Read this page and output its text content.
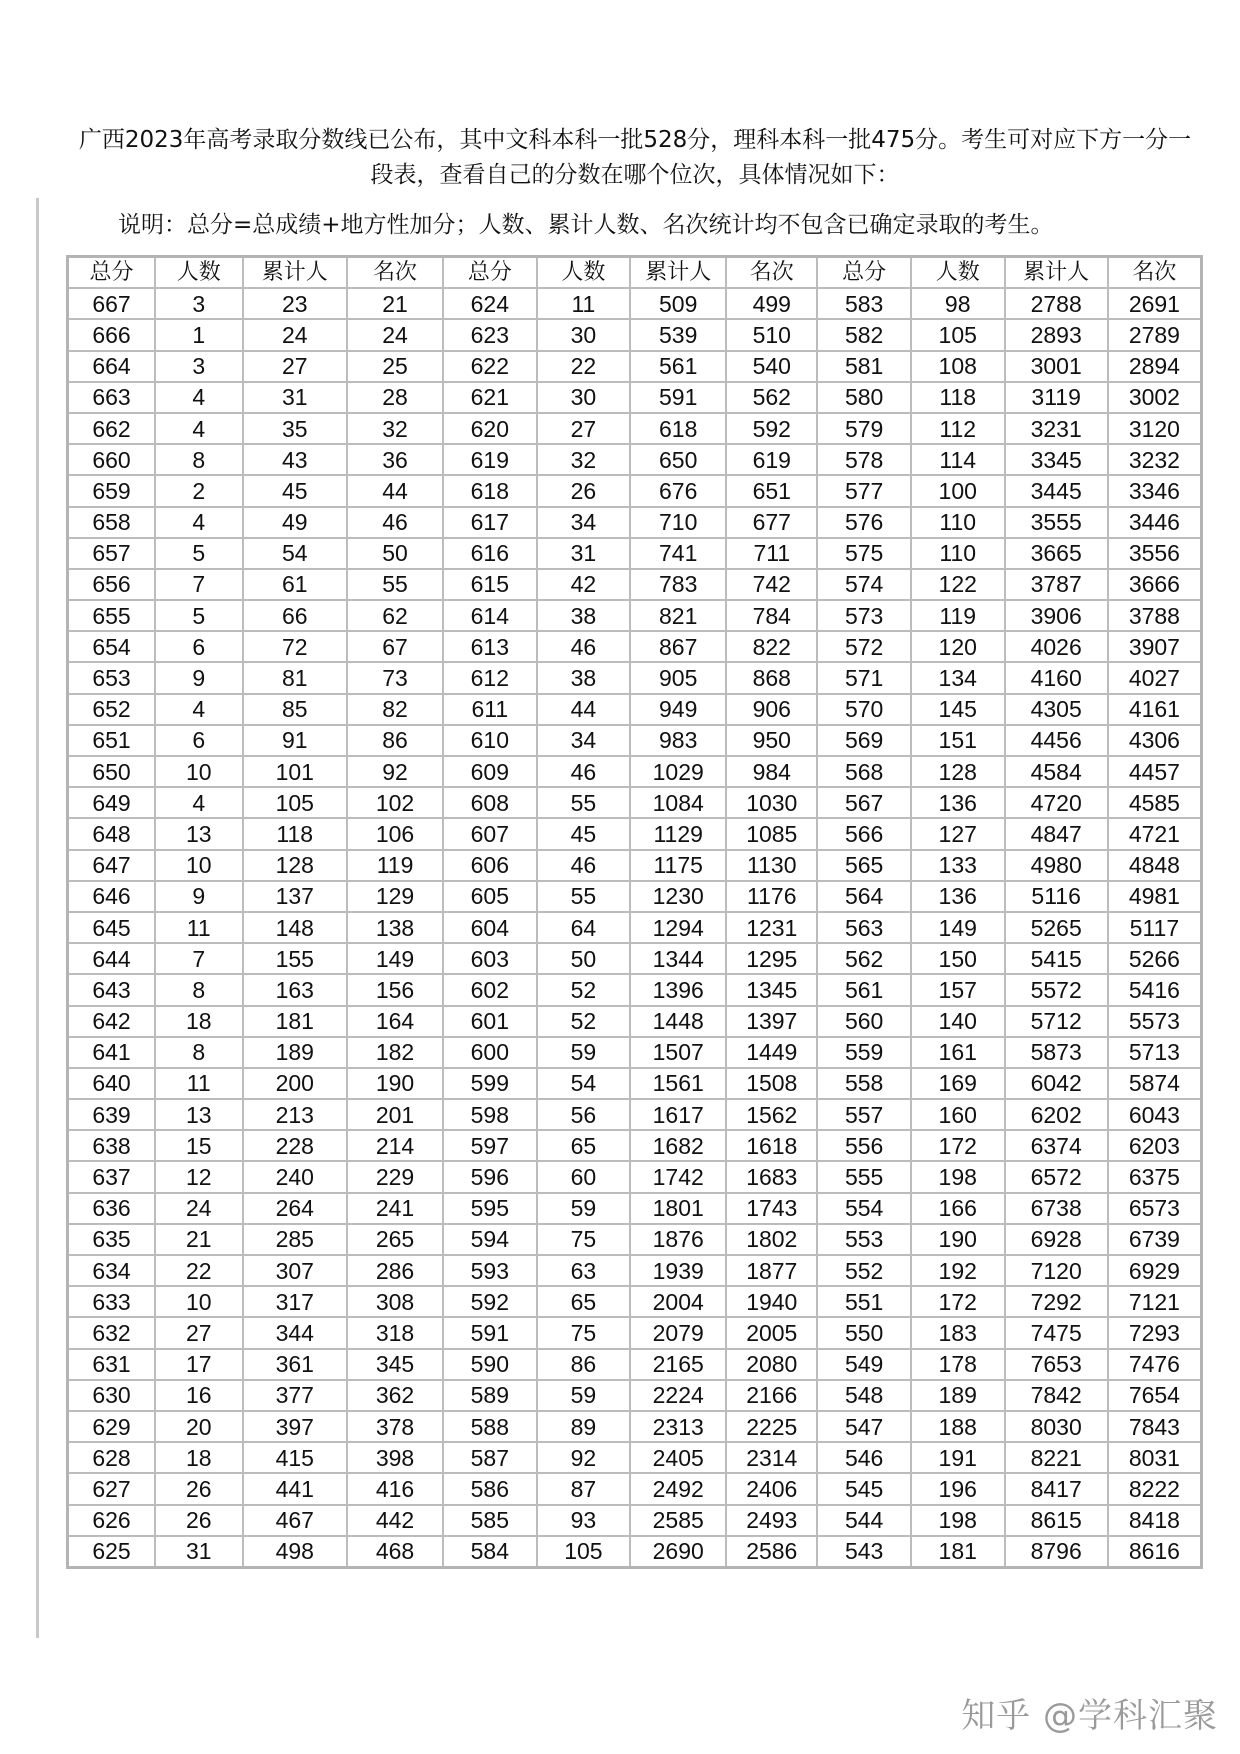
广西2023年高考录取分数线已公布，其中文科本科一批528分，理科本科一批475分。考生可对应下方一分一段表，查看自己的分数在哪个位次，具体情况如下：
说明：总分=总成绩+地方性加分；人数、累计人数、名次统计均不包含已确定录取的考生。
总分	人数	累计人	名次	总分	人数	累计人	名次	总分	人数	累计人	名次
667	3	23	21	624	11	509	499	583	98	2788	2691
666	1	24	24	623	30	539	510	582	105	2893	2789
664	3	27	25	622	22	561	540	581	108	3001	2894
663	4	31	28	621	30	591	562	580	118	3119	3002
662	4	35	32	620	27	618	592	579	112	3231	3120
660	8	43	36	619	32	650	619	578	114	3345	3232
659	2	45	44	618	26	676	651	577	100	3445	3346
658	4	49	46	617	34	710	677	576	110	3555	3446
657	5	54	50	616	31	741	711	575	110	3665	3556
656	7	61	55	615	42	783	742	574	122	3787	3666
655	5	66	62	614	38	821	784	573	119	3906	3788
654	6	72	67	613	46	867	822	572	120	4026	3907
653	9	81	73	612	38	905	868	571	134	4160	4027
652	4	85	82	611	44	949	906	570	145	4305	4161
651	6	91	86	610	34	983	950	569	151	4456	4306
650	10	101	92	609	46	1029	984	568	128	4584	4457
649	4	105	102	608	55	1084	1030	567	136	4720	4585
648	13	118	106	607	45	1129	1085	566	127	4847	4721
647	10	128	119	606	46	1175	1130	565	133	4980	4848
646	9	137	129	605	55	1230	1176	564	136	5116	4981
645	11	148	138	604	64	1294	1231	563	149	5265	5117
644	7	155	149	603	50	1344	1295	562	150	5415	5266
643	8	163	156	602	52	1396	1345	561	157	5572	5416
642	18	181	164	601	52	1448	1397	560	140	5712	5573
641	8	189	182	600	59	1507	1449	559	161	5873	5713
640	11	200	190	599	54	1561	1508	558	169	6042	5874
639	13	213	201	598	56	1617	1562	557	160	6202	6043
638	15	228	214	597	65	1682	1618	556	172	6374	6203
637	12	240	229	596	60	1742	1683	555	198	6572	6375
636	24	264	241	595	59	1801	1743	554	166	6738	6573
635	21	285	265	594	75	1876	1802	553	190	6928	6739
634	22	307	286	593	63	1939	1877	552	192	7120	6929
633	10	317	308	592	65	2004	1940	551	172	7292	7121
632	27	344	318	591	75	2079	2005	550	183	7475	7293
631	17	361	345	590	86	2165	2080	549	178	7653	7476
630	16	377	362	589	59	2224	2166	548	189	7842	7654
629	20	397	378	588	89	2313	2225	547	188	8030	7843
628	18	415	398	587	92	2405	2314	546	191	8221	8031
627	26	441	416	586	87	2492	2406	545	196	8417	8222
626	26	467	442	585	93	2585	2493	544	198	8615	8418
625	31	498	468	584	105	2690	2586	543	181	8796	8616
知乎 @学科汇聚
